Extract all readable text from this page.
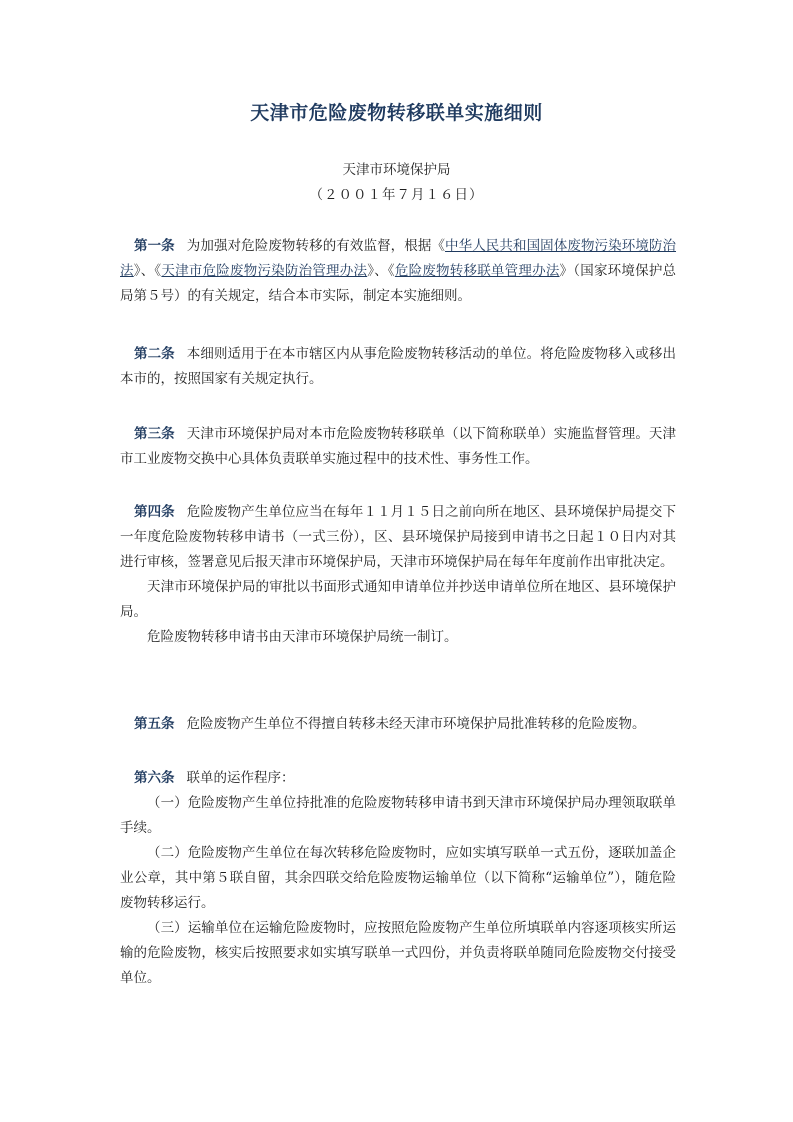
天津市危险废物转移联单实施细则
天津市环境保护局
（２００１年７月１６日）

第一条 为加强对危险废物转移的有效监督，根据《中华人民共和国固体废物污染环境防治法》、《天津市危险废物污染防治管理办法》、《危险废物转移联单管理办法》（国家环境保护总局第５号）的有关规定，结合本市实际，制定本实施细则。

第二条 本细则适用于在本市辖区内从事危险废物转移活动的单位。将危险废物移入或移出本市的，按照国家有关规定执行。

第三条 天津市环境保护局对本市危险废物转移联单（以下简称联单）实施监督管理。天津市工业废物交换中心具体负责联单实施过程中的技术性、事务性工作。

第四条 危险废物产生单位应当在每年１１月１５日之前向所在地区、县环境保护局提交下一年度危险废物转移申请书（一式三份），区、县环境保护局接到申请书之日起１０日内对其进行审核，签署意见后报天津市环境保护局，天津市环境保护局在每年年度前作出审批决定。

天津市环境保护局的审批以书面形式通知申请单位并抄送申请单位所在地区、县环境保护局。

危险废物转移申请书由天津市环境保护局统一制订。

第五条 危险废物产生单位不得擅自转移未经天津市环境保护局批准转移的危险废物。

第六条 联单的运作程序：

（一）危险废物产生单位持批准的危险废物转移申请书到天津市环境保护局办理领取联单手续。

（二）危险废物产生单位在每次转移危险废物时，应如实填写联单一式五份，逐联加盖企业公章，其中第５联自留，其余四联交给危险废物运输单位（以下简称“运输单位”），随危险废物转移运行。

（三）运输单位在运输危险废物时，应按照危险废物产生单位所填联单内容逐项核实所运输的危险废物，核实后按照要求如实填写联单一式四份，并负责将联单随同危险废物交付接受单位。
